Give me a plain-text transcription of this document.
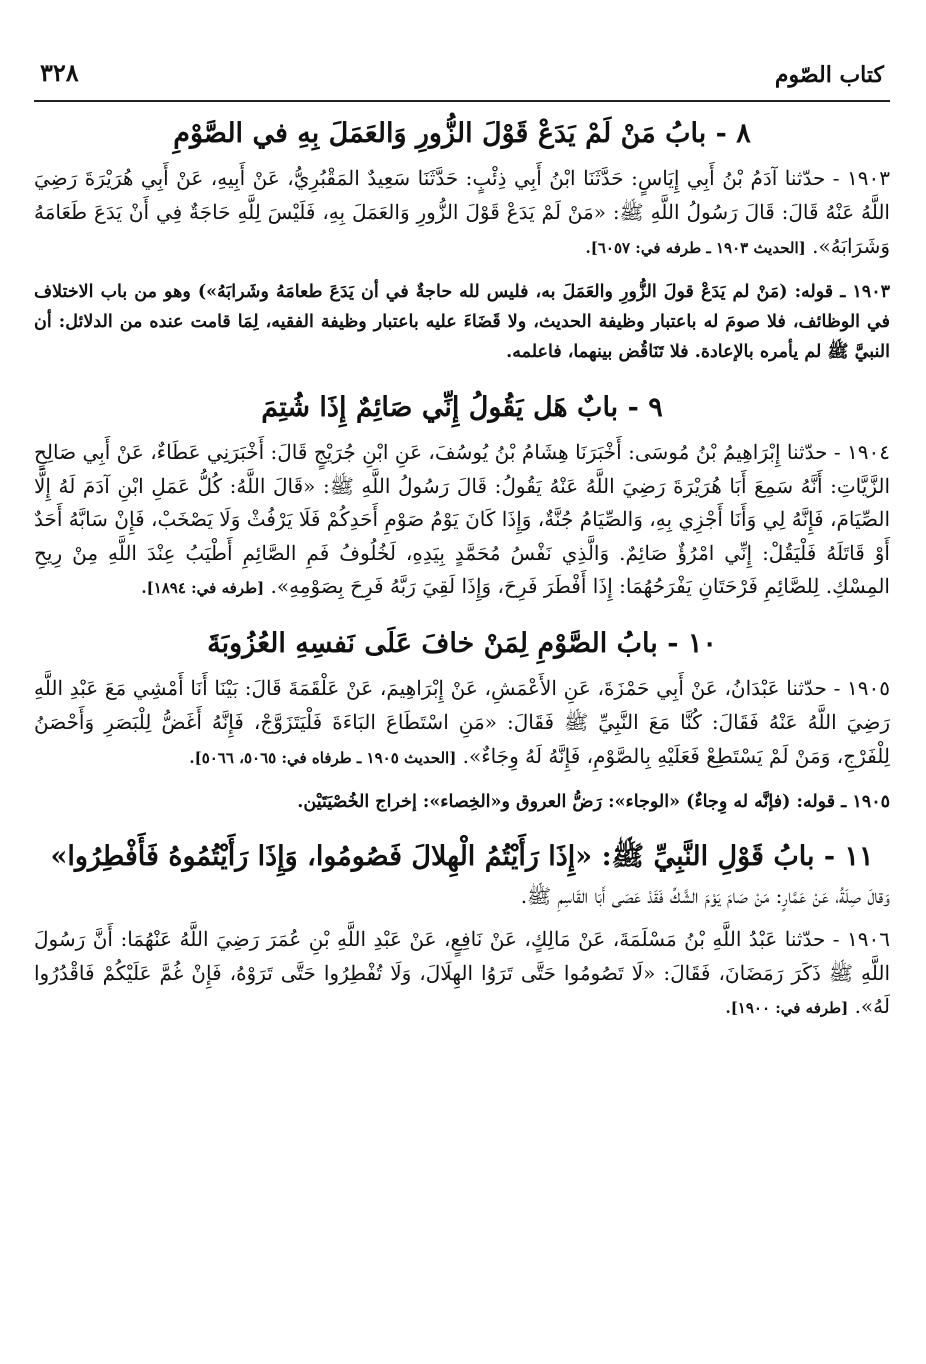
٣٢٨	كتاب الصّوم
٨ - بابُ مَنْ لَمْ يَدَعْ قَوْلَ الزُّورِ وَالعَمَلَ بِهِ في الصَّوْمِ

١٩٠٣ - حدّثنا آدَمُ بْنُ أَبِي إِيَاسٍ: حَدَّثَنَا ابْنُ أَبِي ذِئْبٍ: حَدَّثَنَا سَعِيدٌ المَقْبُرِيُّ، عَنْ أَبِيهِ، عَنْ أَبِي هُرَيْرَةَ رَضِيَ اللَّهُ عَنْهُ قَالَ: قَالَ رَسُولُ اللَّهِ ﷺ: «مَنْ لَمْ يَدَعْ قَوْلَ الزُّورِ وَالعَمَلَ بِهِ، فَلَيْسَ لِلَّهِ حَاجَةٌ فِي أَنْ يَدَعَ طَعَامَهُ وَشَرَابَهُ». [الحديث ١٩٠٣ ـ طرفه في: ٦٠٥٧].

١٩٠٣ ـ قوله: (مَنْ لم يَدَعْ قولَ الزُّورِ والعَمَلَ به، فليس لله حاجةٌ في أن يَدَعَ طعامَهُ وشَرابَهُ») وهو من باب الاختلاف في الوظائف، فلا صومَ له باعتبار وظيفة الحديث، ولا قَضَاءَ عليه باعتبار وظيفة الفقيه، لِمَا قامت عنده من الدلائل: أن النبيَّ ﷺ لم يأمره بالإعادة. فلا تَنَاقُض بينهما، فاعلمه.

٩ - بابٌ هَل يَقُولُ إِنِّي صَائِمٌ إِذَا شُتِمَ

١٩٠٤ - حدّثنا إِبْرَاهِيمُ بْنُ مُوسَى: أَخْبَرَنَا هِشَامُ بْنُ يُوسُفَ، عَنِ ابْنِ جُرَيْجٍ قَالَ: أَخْبَرَنِي عَطَاءٌ، عَنْ أَبِي صَالِحٍ الزَّيَّاتِ: أَنَّهُ سَمِعَ أَبَا هُرَيْرَةَ رَضِيَ اللَّهُ عَنْهُ يَقُولُ: قَالَ رَسُولُ اللَّهِ ﷺ: «قَالَ اللَّهُ: كُلُّ عَمَلِ ابْنِ آدَمَ لَهُ إِلَّا الصِّيَامَ، فَإِنَّهُ لِي وَأَنَا أَجْزِي بِهِ، وَالصِّيَامُ جُنَّةٌ، وَإِذَا كَانَ يَوْمُ صَوْمِ أَحَدِكُمْ فَلَا يَرْفُثْ وَلَا يَصْخَبْ، فَإِنْ سَابَّهُ أَحَدٌ أَوْ قَاتَلَهُ فَلْيَقُلْ: إِنِّي امْرُؤٌ صَائِمٌ. وَالَّذِي نَفْسُ مُحَمَّدٍ بِيَدِهِ، لَخُلُوفُ فَمِ الصَّائِمِ أَطْيَبُ عِنْدَ اللَّهِ مِنْ رِيحِ المِسْكِ. لِلصَّائِمِ فَرْحَتَانِ يَفْرَحُهُمَا: إِذَا أَفْطَرَ فَرِحَ، وَإِذَا لَقِيَ رَبَّهُ فَرِحَ بِصَوْمِهِ». [طرفه في: ١٨٩٤].

١٠ - بابُ الصَّوْمِ لِمَنْ خافَ عَلَى نَفسِهِ العُزُوبَةَ

١٩٠٥ - حدّثنا عَبْدَانُ، عَنْ أَبِي حَمْزَةَ، عَنِ الأَعْمَشِ، عَنْ إِبْرَاهِيمَ، عَنْ عَلْقَمَةَ قَالَ: بَيْنَا أَنَا أَمْشِي مَعَ عَبْدِ اللَّهِ رَضِيَ اللَّهُ عَنْهُ فَقَالَ: كُنَّا مَعَ النَّبِيِّ ﷺ فَقَالَ: «مَنِ اسْتَطَاعَ البَاءَةَ فَلْيَتَزَوَّجْ، فَإِنَّهُ أَغَضُّ لِلْبَصَرِ وَأَحْصَنُ لِلْفَرْجِ، وَمَنْ لَمْ يَسْتَطِعْ فَعَلَيْهِ بِالصَّوْمِ، فَإِنَّهُ لَهُ وِجَاءٌ». [الحديث ١٩٠٥ ـ طرفاه في: ٥٠٦٥، ٥٠٦٦].

١٩٠٥ ـ قوله: (فإنَّه له وِجاءٌ) «الوجاء»: رَضُّ العروق و«الخِصاء»: إخراج الخُصْيَتَيْن.

١١ - بابُ قَوْلِ النَّبِيِّ ﷺ: «إِذَا رَأَيْتُمُ الْهِلالَ فَصُومُوا، وَإِذَا رَأَيْتُمُوهُ فَأَفْطِرُوا»

وَقالَ صِلَةُ، عَنْ عَمَّارٍ: مَنْ صَامَ يَوْمَ الشَّكِّ فَقَدْ عَصَى أَبَا القَاسِمِ ﷺ.

١٩٠٦ - حدّثنا عَبْدُ اللَّهِ بْنُ مَسْلَمَةَ، عَنْ مَالِكٍ، عَنْ نَافِعٍ، عَنْ عَبْدِ اللَّهِ بْنِ عُمَرَ رَضِيَ اللَّهُ عَنْهُمَا: أَنَّ رَسُولَ اللَّهِ ﷺ ذَكَرَ رَمَضَانَ، فَقَالَ: «لَا تَصُومُوا حَتَّى تَرَوُا الهِلَالَ، وَلَا تُفْطِرُوا حَتَّى تَرَوْهُ، فَإِنْ غُمَّ عَلَيْكُمْ فَاقْدُرُوا لَهُ». [طرفه في: ١٩٠٠].
